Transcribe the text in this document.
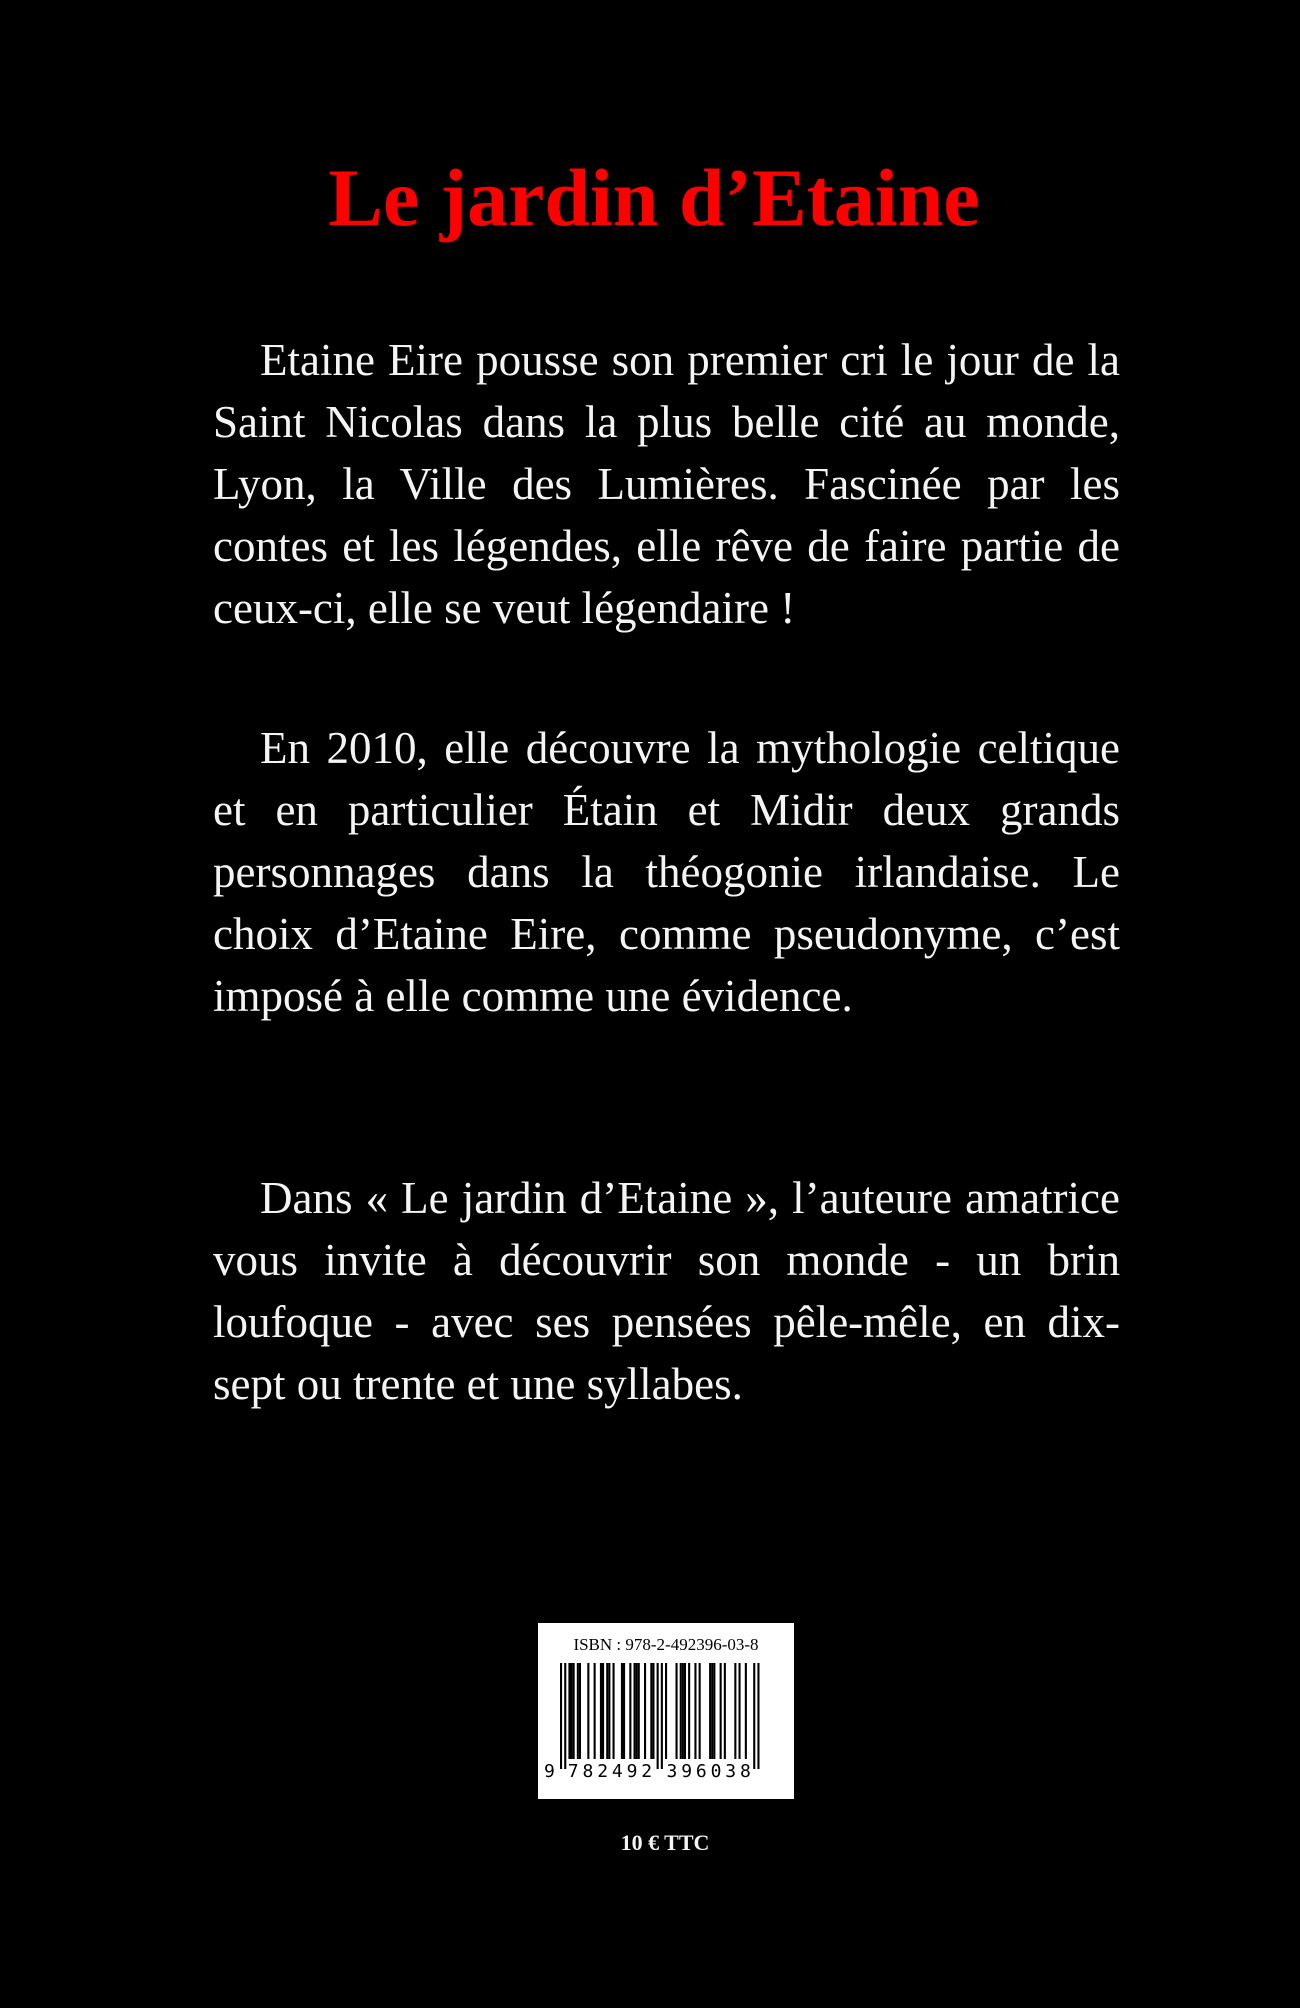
Le jardin d’Etaine

Etaine Eire pousse son premier cri le jour de la Saint Nicolas dans la plus belle cité au monde, Lyon, la Ville des Lumières. Fascinée par les contes et les légendes, elle rêve de faire partie de ceux-ci, elle se veut légendaire !

En 2010, elle découvre la mythologie celtique et en particulier Étain et Midir deux grands personnages dans la théogonie irlandaise. Le choix d’Etaine Eire, comme pseudonyme, c’est imposé à elle comme une évidence.

Dans « Le jardin d’Etaine », l’auteure amatrice vous invite à découvrir son monde - un brin loufoque - avec ses pensées pêle-mêle, en dix-sept ou trente et une syllabes.

ISBN : 978-2-492396-03-8
9 7 8 2 4 9 2 3 9 6 0 3 8
10 € TTC
